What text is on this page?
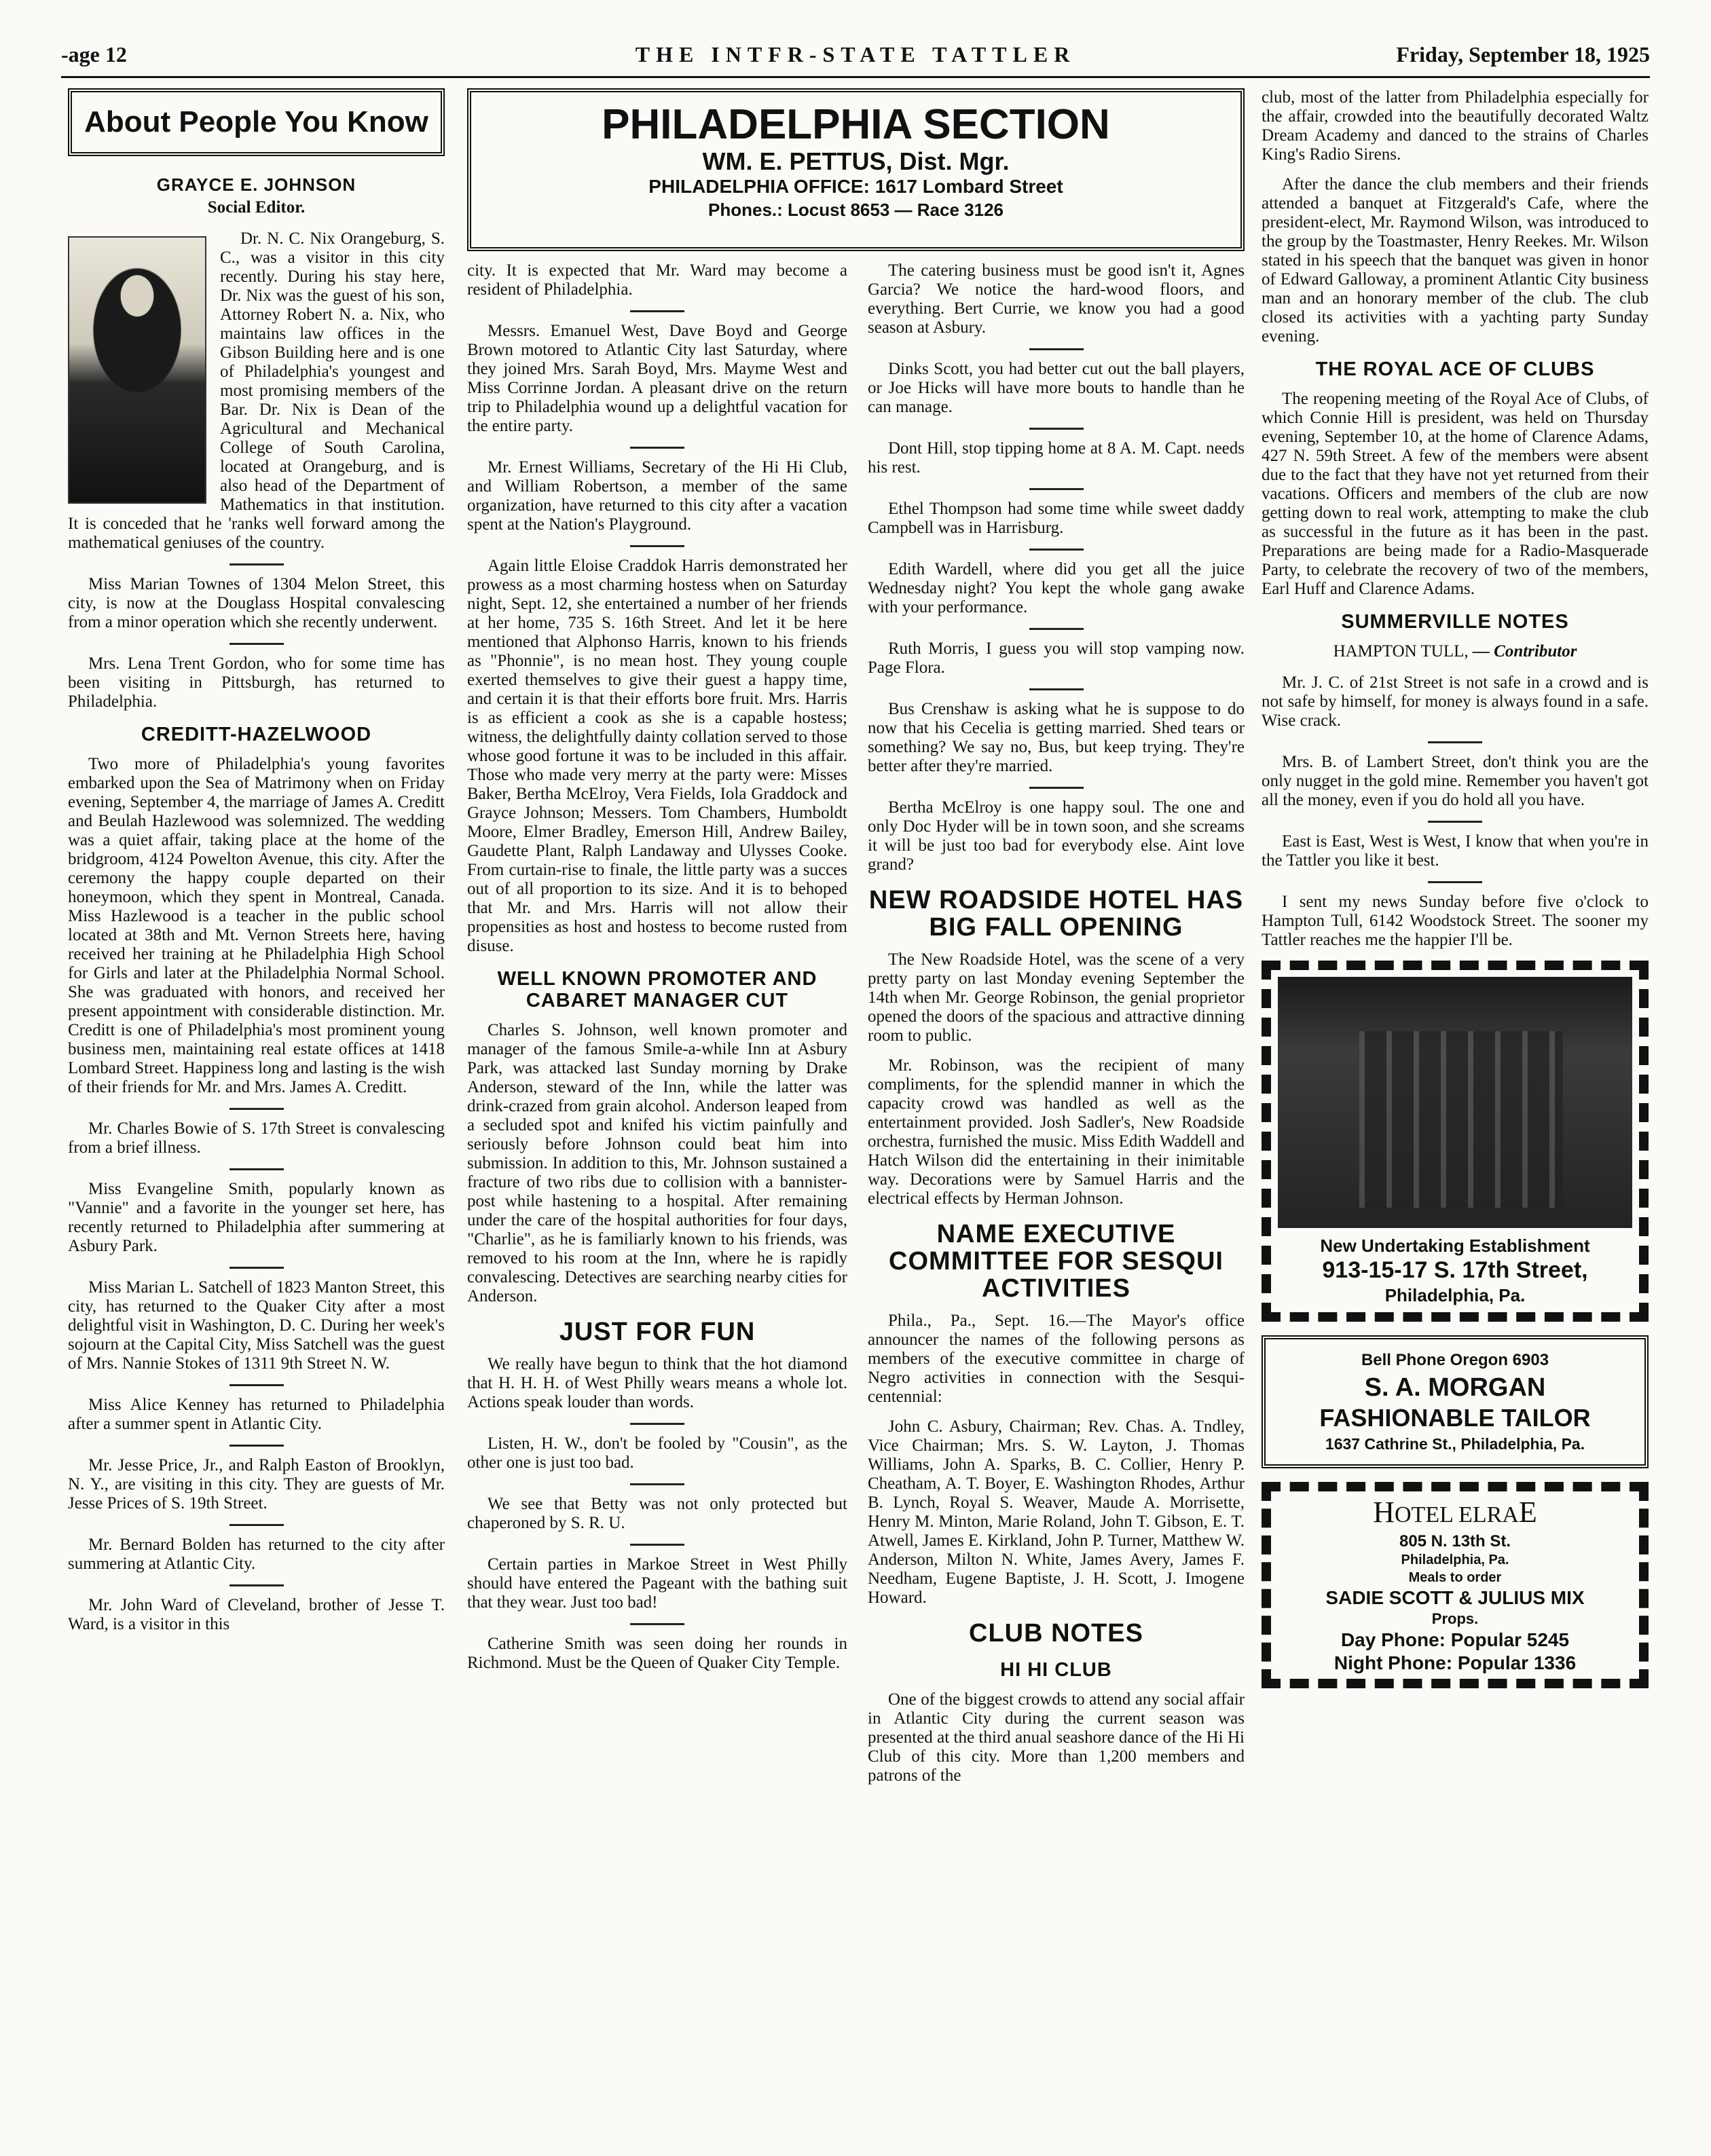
-age 12	THE INTFR-STATE TATTLER	Friday, September 18, 1925
About People You Know
GRAYCE E. JOHNSON
Social Editor.

Dr. N. C. Nix Orangeburg, S. C., was a visitor in this city recently. During his stay here, Dr. Nix was the guest of his son, Attorney Robert N. a. Nix, who maintains law offices in the Gibson Building here and is one of Philadelphia's youngest and most promising members of the Bar. Dr. Nix is Dean of the Agricultural and Mechanical College of South Carolina, located at Orangeburg, and is also head of the Department of Mathematics in that institution. It is conceded that he 'ranks well forward among the mathematical geniuses of the country.

Miss Marian Townes of 1304 Melon Street, this city, is now at the Douglass Hospital convalescing from a minor operation which she recently underwent.

Mrs. Lena Trent Gordon, who for some time has been visiting in Pittsburgh, has returned to Philadelphia.

CREDITT-HAZELWOOD

Two more of Philadelphia's young favorites embarked upon the Sea of Matrimony when on Friday evening, September 4, the marriage of James A. Creditt and Beulah Hazlewood was solemnized. The wedding was a quiet affair, taking place at the home of the bridgroom, 4124 Powelton Avenue, this city. After the ceremony the happy couple departed on their honeymoon, which they spent in Montreal, Canada. Miss Hazlewood is a teacher in the public school located at 38th and Mt. Vernon Streets here, having received her training at he Philadelphia High School for Girls and later at the Philadelphia Normal School. She was graduated with honors, and received her present appointment with considerable distinction. Mr. Creditt is one of Philadelphia's most prominent young business men, maintaining real estate offices at 1418 Lombard Street. Happiness long and lasting is the wish of their friends for Mr. and Mrs. James A. Creditt.

Mr. Charles Bowie of S. 17th Street is convalescing from a brief illness.

Miss Evangeline Smith, popularly known as "Vannie" and a favorite in the younger set here, has recently returned to Philadelphia after summering at Asbury Park.

Miss Marian L. Satchell of 1823 Manton Street, this city, has returned to the Quaker City after a most delightful visit in Washington, D. C. During her week's sojourn at the Capital City, Miss Satchell was the guest of Mrs. Nannie Stokes of 1311 9th Street N. W.

Miss Alice Kenney has returned to Philadelphia after a summer spent in Atlantic City.

Mr. Jesse Price, Jr., and Ralph Easton of Brooklyn, N. Y., are visiting in this city. They are guests of Mr. Jesse Prices of S. 19th Street.

Mr. Bernard Bolden has returned to the city after summering at Atlantic City.

Mr. John Ward of Cleveland, brother of Jesse T. Ward, is a visitor in this

PHILADELPHIA SECTION
WM. E. PETTUS, Dist. Mgr.
PHILADELPHIA OFFICE: 1617 Lombard Street
Phones.: Locust 8653 — Race 3126

city. It is expected that Mr. Ward may become a resident of Philadelphia.

Messrs. Emanuel West, Dave Boyd and George Brown motored to Atlantic City last Saturday, where they joined Mrs. Sarah Boyd, Mrs. Mayme West and Miss Corrinne Jordan. A pleasant drive on the return trip to Philadelphia wound up a delightful vacation for the entire party.

Mr. Ernest Williams, Secretary of the Hi Hi Club, and William Robertson, a member of the same organization, have returned to this city after a vacation spent at the Nation's Playground.

Again little Eloise Craddok Harris demonstrated her prowess as a most charming hostess when on Saturday night, Sept. 12, she entertained a number of her friends at her home, 735 S. 16th Street. And let it be here mentioned that Alphonso Harris, known to his friends as "Phonnie", is no mean host. They young couple exerted themselves to give their guest a happy time, and certain it is that their efforts bore fruit. Mrs. Harris is as efficient a cook as she is a capable hostess; witness, the delightfully dainty collation served to those whose good fortune it was to be included in this affair. Those who made very merry at the party were: Misses Baker, Bertha McElroy, Vera Fields, Iola Graddock and Grayce Johnson; Messers. Tom Chambers, Humboldt Moore, Elmer Bradley, Emerson Hill, Andrew Bailey, Gaudette Plant, Ralph Landaway and Ulysses Cooke. From curtain-rise to finale, the little party was a succes out of all proportion to its size. And it is to behoped that Mr. and Mrs. Harris will not allow their propensities as host and hostess to become rusted from disuse.

WELL KNOWN PROMOTER AND CABARET MANAGER CUT

Charles S. Johnson, well known promoter and manager of the famous Smile-a-while Inn at Asbury Park, was attacked last Sunday morning by Drake Anderson, steward of the Inn, while the latter was drink-crazed from grain alcohol. Anderson leaped from a secluded spot and knifed his victim painfully and seriously before Johnson could beat him into submission. In addition to this, Mr. Johnson sustained a fracture of two ribs due to collision with a bannister-post while hastening to a hospital. After remaining under the care of the hospital authorities for four days, "Charlie", as he is familiarly known to his friends, was removed to his room at the Inn, where he is rapidly convalescing. Detectives are searching nearby cities for Anderson.

JUST FOR FUN

We really have begun to think that the hot diamond that H. H. H. of West Philly wears means a whole lot. Actions speak louder than words.

Listen, H. W., don't be fooled by "Cousin", as the other one is just too bad.

We see that Betty was not only protected but chaperoned by S. R. U.

Certain parties in Markoe Street in West Philly should have entered the Pageant with the bathing suit that they wear. Just too bad!

Catherine Smith was seen doing her rounds in Richmond. Must be the Queen of Quaker City Temple.

The catering business must be good isn't it, Agnes Garcia? We notice the hard-wood floors, and everything. Bert Currie, we know you had a good season at Asbury.

Dinks Scott, you had better cut out the ball players, or Joe Hicks will have more bouts to handle than he can manage.

Dont Hill, stop tipping home at 8 A. M. Capt. needs his rest.

Ethel Thompson had some time while sweet daddy Campbell was in Harrisburg.

Edith Wardell, where did you get all the juice Wednesday night? You kept the whole gang awake with your performance.

Ruth Morris, I guess you will stop vamping now. Page Flora.

Bus Crenshaw is asking what he is suppose to do now that his Cecelia is getting married. Shed tears or something? We say no, Bus, but keep trying. They're better after they're married.

Bertha McElroy is one happy soul. The one and only Doc Hyder will be in town soon, and she screams it will be just too bad for everybody else. Aint love grand?

NEW ROADSIDE HOTEL HAS BIG FALL OPENING

The New Roadside Hotel, was the scene of a very pretty party on last Monday evening September the 14th when Mr. George Robinson, the genial proprietor opened the doors of the spacious and attractive dinning room to public.

Mr. Robinson, was the recipient of many compliments, for the splendid manner in which the capacity crowd was handled as well as the entertainment provided. Josh Sadler's, New Roadside orchestra, furnished the music. Miss Edith Waddell and Hatch Wilson did the entertaining in their inimitable way. Decorations were by Samuel Harris and the electrical effects by Herman Johnson.

NAME EXECUTIVE COMMITTEE FOR SESQUI ACTIVITIES

Phila., Pa., Sept. 16.—The Mayor's office announcer the names of the following persons as members of the executive committee in charge of Negro activities in connection with the Sesqui-centennial:

John C. Asbury, Chairman; Rev. Chas. A. Tndley, Vice Chairman; Mrs. S. W. Layton, J. Thomas Williams, John A. Sparks, B. C. Collier, Henry P. Cheatham, A. T. Boyer, E. Washington Rhodes, Arthur B. Lynch, Royal S. Weaver, Maude A. Morrisette, Henry M. Minton, Marie Roland, John T. Gibson, E. T. Atwell, James E. Kirkland, John P. Turner, Matthew W. Anderson, Milton N. White, James Avery, James F. Needham, Eugene Baptiste, J. H. Scott, J. Imogene Howard.

CLUB NOTES
HI HI CLUB

One of the biggest crowds to attend any social affair in Atlantic City during the current season was presented at the third anual seashore dance of the Hi Hi Club of this city. More than 1,200 members and patrons of the

club, most of the latter from Philadelphia especially for the affair, crowded into the beautifully decorated Waltz Dream Academy and danced to the strains of Charles King's Radio Sirens.

After the dance the club members and their friends attended a banquet at Fitzgerald's Cafe, where the president-elect, Mr. Raymond Wilson, was introduced to the group by the Toastmaster, Henry Reekes. Mr. Wilson stated in his speech that the banquet was given in honor of Edward Galloway, a prominent Atlantic City business man and an honorary member of the club. The club closed its activities with a yachting party Sunday evening.

THE ROYAL ACE OF CLUBS

The reopening meeting of the Royal Ace of Clubs, of which Connie Hill is president, was held on Thursday evening, September 10, at the home of Clarence Adams, 427 N. 59th Street. A few of the members were absent due to the fact that they have not yet returned from their vacations. Officers and members of the club are now getting down to real work, attempting to make the club as successful in the future as it has been in the past. Preparations are being made for a Radio-Masquerade Party, to celebrate the recovery of two of the members, Earl Huff and Clarence Adams.

SUMMERVILLE NOTES
HAMPTON TULL, — Contributor

Mr. J. C. of 21st Street is not safe in a crowd and is not safe by himself, for money is always found in a safe. Wise crack.

Mrs. B. of Lambert Street, don't think you are the only nugget in the gold mine. Remember you haven't got all the money, even if you do hold all you have.

East is East, West is West, I know that when you're in the Tattler you like it best.

I sent my news Sunday before five o'clock to Hampton Tull, 6142 Woodstock Street. The sooner my Tattler reaches me the happier I'll be.

New Undertaking Establishment
913-15-17 S. 17th Street,
Philadelphia, Pa.
Bell Phone Oregon 6903
S. A. MORGAN
FASHIONABLE TAILOR
1637 Cathrine St., Philadelphia, Pa.
HOTEL ELRAE
805 N. 13th St.
Philadelphia, Pa.
Meals to order
SADIE SCOTT & JULIUS MIX
Props.
Day Phone: Popular 5245
Night Phone: Popular 1336
